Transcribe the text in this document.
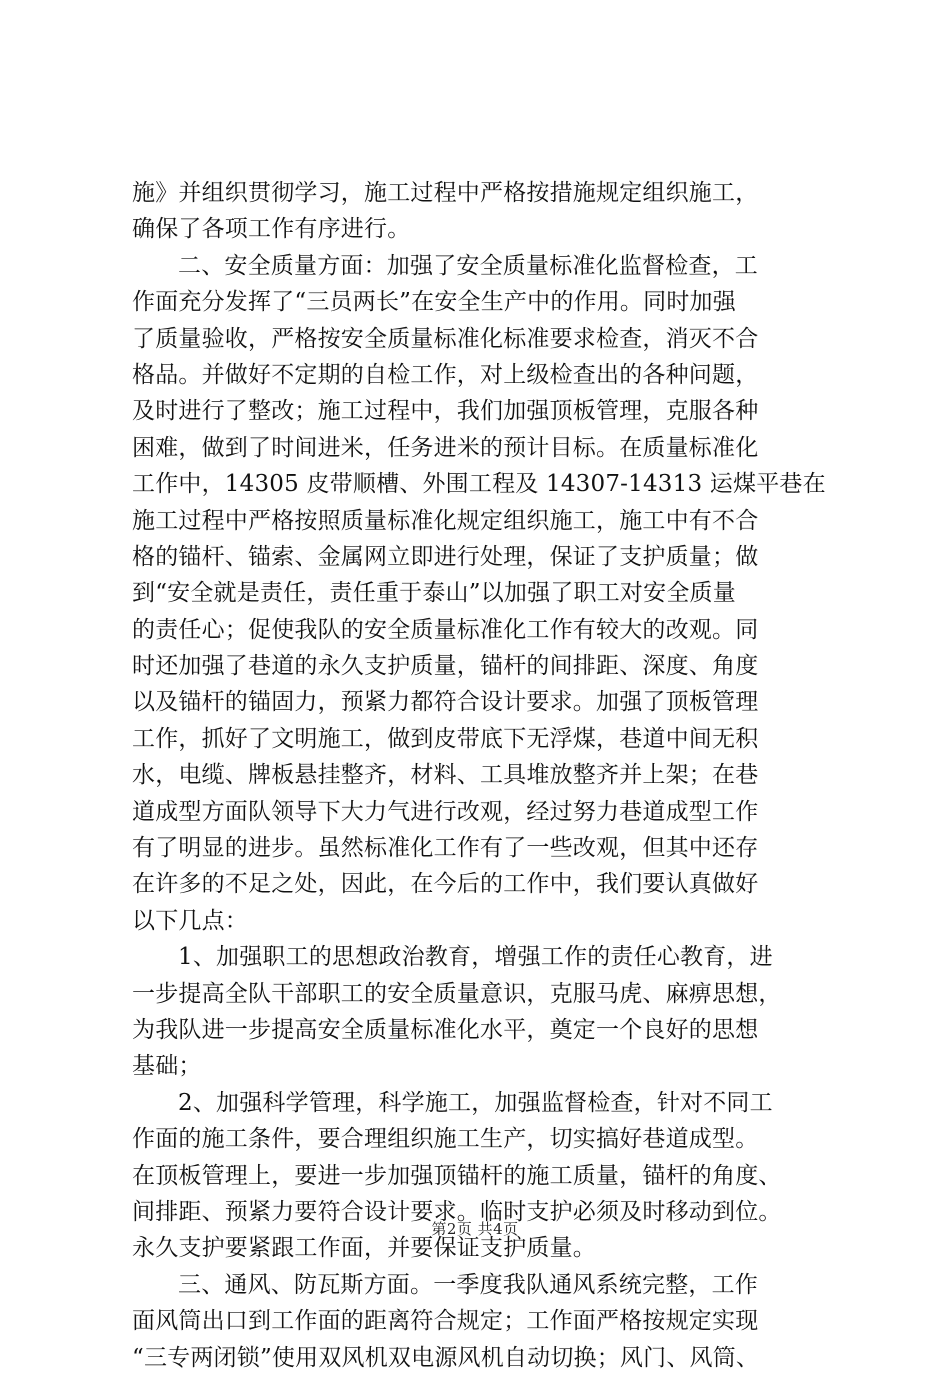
施》并组织贯彻学习，施工过程中严格按措施规定组织施工，
确保了各项工作有序进行。
二、安全质量方面：加强了安全质量标准化监督检查，工
作面充分发挥了“三员两长”在安全生产中的作用。同时加强
了质量验收，严格按安全质量标准化标准要求检查，消灭不合
格品。并做好不定期的自检工作，对上级检查出的各种问题，
及时进行了整改；施工过程中，我们加强顶板管理，克服各种
困难，做到了时间进米，任务进米的预计目标。在质量标准化
工作中，14305 皮带顺槽、外围工程及 14307-14313 运煤平巷在
施工过程中严格按照质量标准化规定组织施工，施工中有不合
格的锚杆、锚索、金属网立即进行处理，保证了支护质量；做
到“安全就是责任，责任重于泰山”以加强了职工对安全质量
的责任心；促使我队的安全质量标准化工作有较大的改观。同
时还加强了巷道的永久支护质量，锚杆的间排距、深度、角度
以及锚杆的锚固力，预紧力都符合设计要求。加强了顶板管理
工作，抓好了文明施工，做到皮带底下无浮煤，巷道中间无积
水，电缆、牌板悬挂整齐，材料、工具堆放整齐并上架；在巷
道成型方面队领导下大力气进行改观，经过努力巷道成型工作
有了明显的进步。虽然标准化工作有了一些改观，但其中还存
在许多的不足之处，因此，在今后的工作中，我们要认真做好
以下几点：
1、加强职工的思想政治教育，增强工作的责任心教育，进
一步提高全队干部职工的安全质量意识，克服马虎、麻痹思想，
为我队进一步提高安全质量标准化水平，奠定一个良好的思想
基础；
2、加强科学管理，科学施工，加强监督检查，针对不同工
作面的施工条件，要合理组织施工生产，切实搞好巷道成型。
在顶板管理上，要进一步加强顶锚杆的施工质量，锚杆的角度、
间排距、预紧力要符合设计要求。临时支护必须及时移动到位。
永久支护要紧跟工作面，并要保证支护质量。
三、通风、防瓦斯方面。一季度我队通风系统完整，工作
面风筒出口到工作面的距离符合规定；工作面严格按规定实现
“三专两闭锁”使用双风机双电源风机自动切换；风门、风筒、
第2页 共4页
